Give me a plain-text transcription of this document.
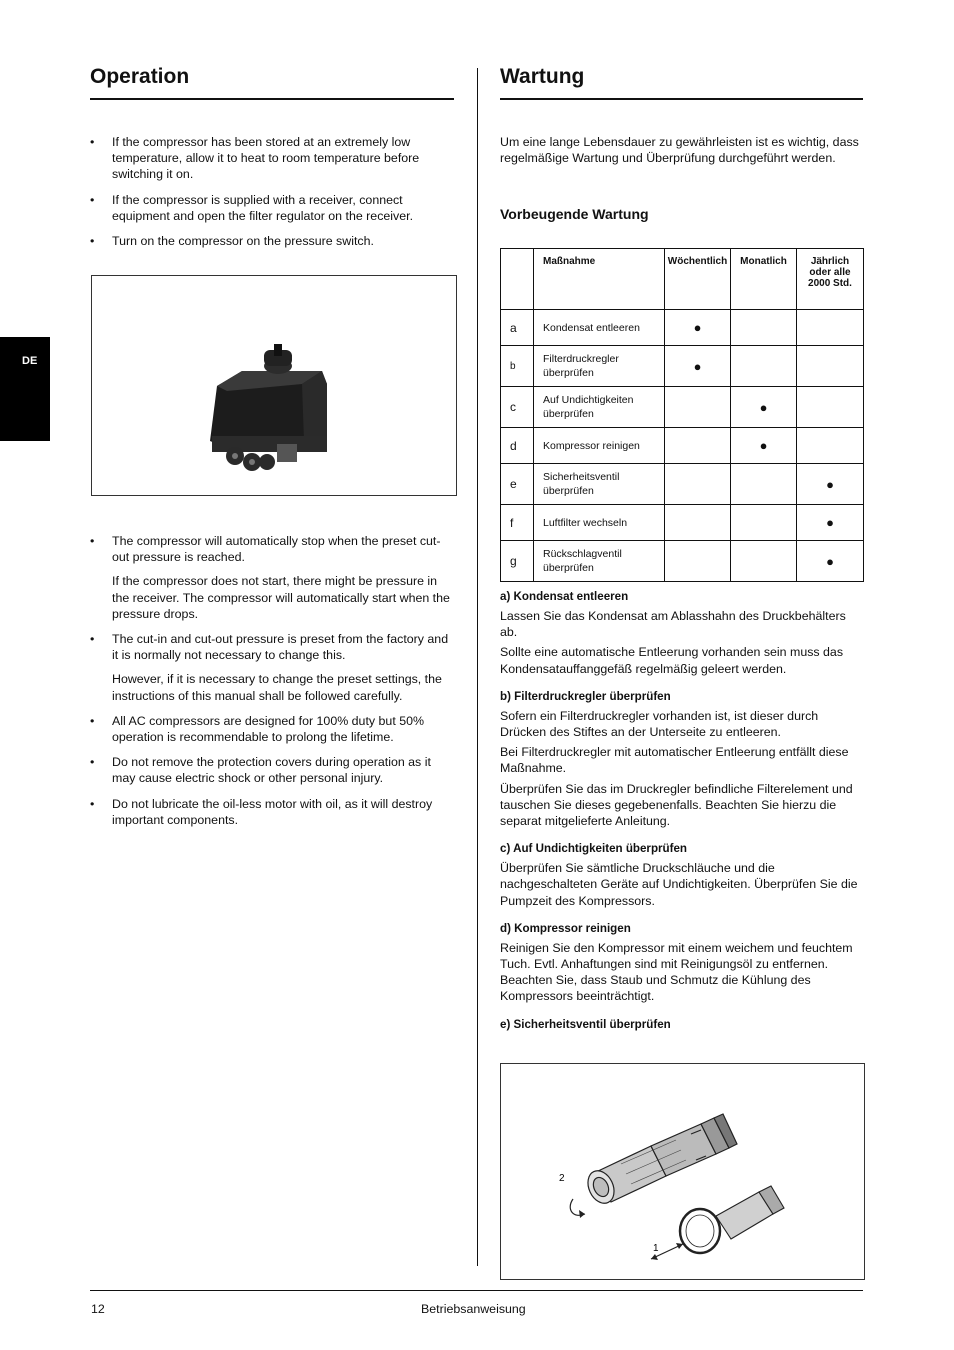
DE
Operation
• If the compressor has been stored at an extremely low temperature, allow it to heat to room temperature before switching it on.

• If the compressor is supplied with a receiver, connect equipment and open the filter regulator on the receiver.

• Turn on the compressor on the pressure switch.

• The compressor will automatically stop when the preset cut-out pressure is reached.

If the compressor does not start, there might be pressure in the receiver. The compressor will automatically start when the pressure drops.

• The cut-in and cut-out pressure is preset from the factory and it is normally not necessary to change this.

However, if it is necessary to change the preset settings, the instructions of this manual shall be followed carefully.

• All AC compressors are designed for 100% duty but 50% operation is recommendable to prolong the lifetime.

• Do not remove the protection covers during operation as it may cause electric shock or other personal injury.

• Do not lubricate the oil-less motor with oil, as it will destroy important components.

Wartung

Um eine lange Lebensdauer zu gewährleisten ist es wichtig, dass regelmäßige Wartung und Überprüfung durchgeführt werden.

Vorbeugende Wartung
	Maßnahme	Wöchentlich	Monatlich	Jährlich oder alle 2000 Std.
a	Kondensat entleeren	●		
b	Filterdruckregler überprüfen	●		
c	Auf Undichtigkeiten überprüfen		●	
d	Kompressor reinigen		●	
e	Sicherheitsventil überprüfen			●
f	Luftfilter wechseln			●
g	Rückschlagventil überprüfen			●
a) Kondensat entleeren

Lassen Sie das Kondensat am Ablasshahn des Druckbehälters ab.

Sollte eine automatische Entleerung vorhanden sein muss das Kondensatauffanggefäß regelmäßig geleert werden.

b) Filterdruckregler überprüfen

Sofern ein Filterdruckregler vorhanden ist, ist dieser durch Drücken des Stiftes an der Unterseite zu entleeren.

Bei Filterdruckregler mit automatischer Entleerung entfällt diese Maßnahme.

Überprüfen Sie das im Druckregler befindliche Filterelement und tauschen Sie dieses gegebenenfalls. Beachten Sie hierzu die separat mitgelieferte Anleitung.

c) Auf Undichtigkeiten überprüfen

Überprüfen Sie sämtliche Druckschläuche und die nachgeschalteten Geräte auf Undichtigkeiten. Überprüfen Sie die Pumpzeit des Kompressors.

d) Kompressor reinigen

Reinigen Sie den Kompressor mit einem weichem und feuchtem Tuch. Evtl. Anhaftungen sind mit Reinigungsöl zu entfernen. Beachten Sie, dass Staub und Schmutz die Kühlung des Kompressors beeinträchtigt.

e) Sicherheitsventil überprüfen
2
1
12	Betriebsanweisung
